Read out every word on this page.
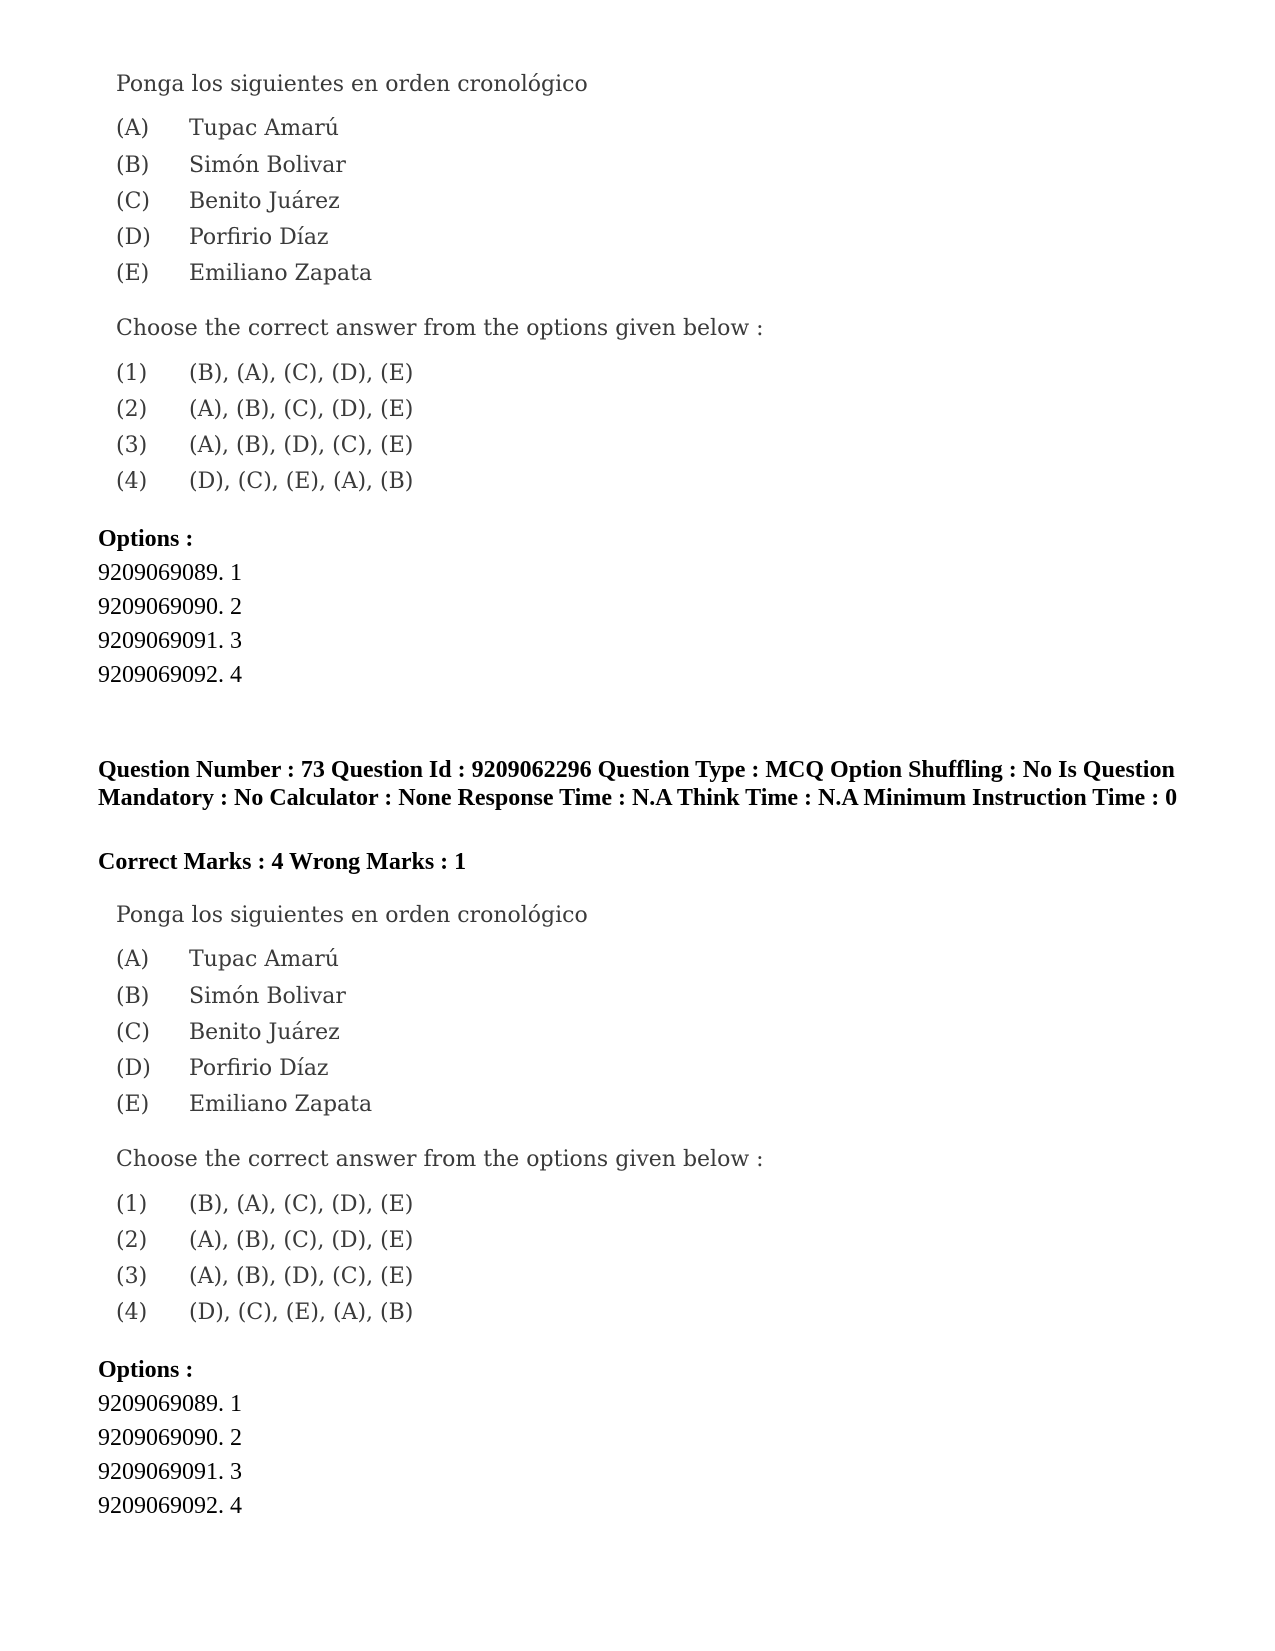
Ponga los siguientes en orden cronológico
(A) Tupac Amarú
(B) Simón Bolivar
(C) Benito Juárez
(D) Porfirio Díaz
(E) Emiliano Zapata
Choose the correct answer from the options given below :
(1) (B), (A), (C), (D), (E)
(2) (A), (B), (C), (D), (E)
(3) (A), (B), (D), (C), (E)
(4) (D), (C), (E), (A), (B)
Options :
9209069089. 1
9209069090. 2
9209069091. 3
9209069092. 4
Question Number : 73 Question Id : 9209062296 Question Type : MCQ Option Shuffling : No Is Question Mandatory : No Calculator : None Response Time : N.A Think Time : N.A Minimum Instruction Time : 0
Correct Marks : 4 Wrong Marks : 1
Ponga los siguientes en orden cronológico
(A) Tupac Amarú
(B) Simón Bolivar
(C) Benito Juárez
(D) Porfirio Díaz
(E) Emiliano Zapata
Choose the correct answer from the options given below :
(1) (B), (A), (C), (D), (E)
(2) (A), (B), (C), (D), (E)
(3) (A), (B), (D), (C), (E)
(4) (D), (C), (E), (A), (B)
Options :
9209069089. 1
9209069090. 2
9209069091. 3
9209069092. 4
